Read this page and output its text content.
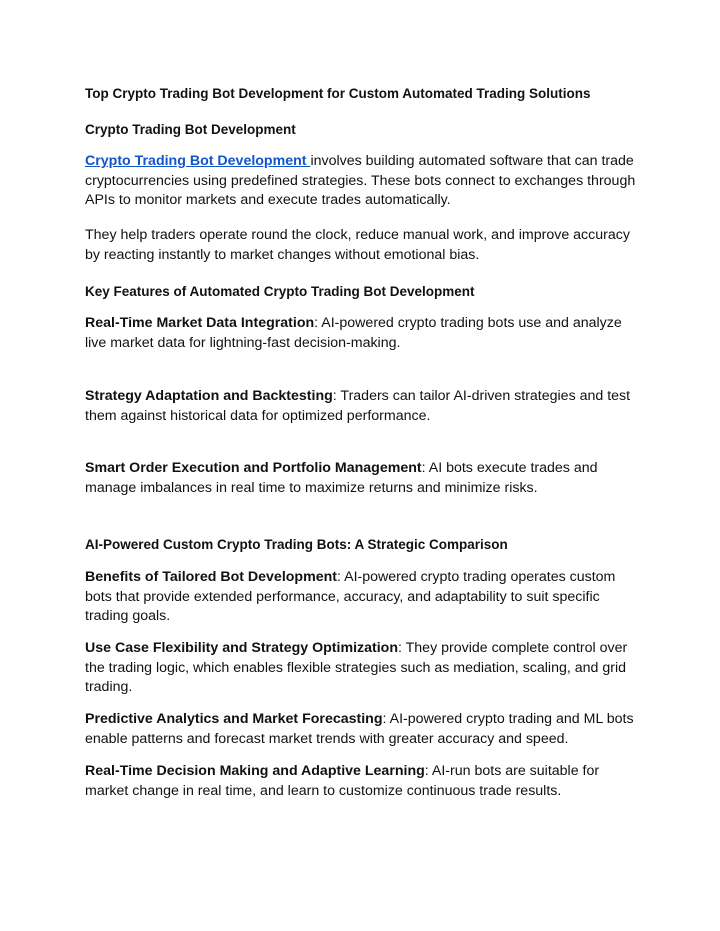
Top Crypto Trading Bot Development for Custom Automated Trading Solutions
Crypto Trading Bot Development

Crypto Trading Bot Development involves building automated software that can trade cryptocurrencies using predefined strategies. These bots connect to exchanges through APIs to monitor markets and execute trades automatically.

They help traders operate round the clock, reduce manual work, and improve accuracy by reacting instantly to market changes without emotional bias.

Key Features of Automated Crypto Trading Bot Development

Real-Time Market Data Integration: AI-powered crypto trading bots use and analyze live market data for lightning-fast decision-making.

Strategy Adaptation and Backtesting: Traders can tailor AI-driven strategies and test them against historical data for optimized performance.

Smart Order Execution and Portfolio Management: AI bots execute trades and manage imbalances in real time to maximize returns and minimize risks.

AI-Powered Custom Crypto Trading Bots: A Strategic Comparison

Benefits of Tailored Bot Development: AI-powered crypto trading operates custom bots that provide extended performance, accuracy, and adaptability to suit specific trading goals.

Use Case Flexibility and Strategy Optimization: They provide complete control over the trading logic, which enables flexible strategies such as mediation, scaling, and grid trading.

Predictive Analytics and Market Forecasting: AI-powered crypto trading and ML bots enable patterns and forecast market trends with greater accuracy and speed.

Real-Time Decision Making and Adaptive Learning: AI-run bots are suitable for market change in real time, and learn to customize continuous trade results.
